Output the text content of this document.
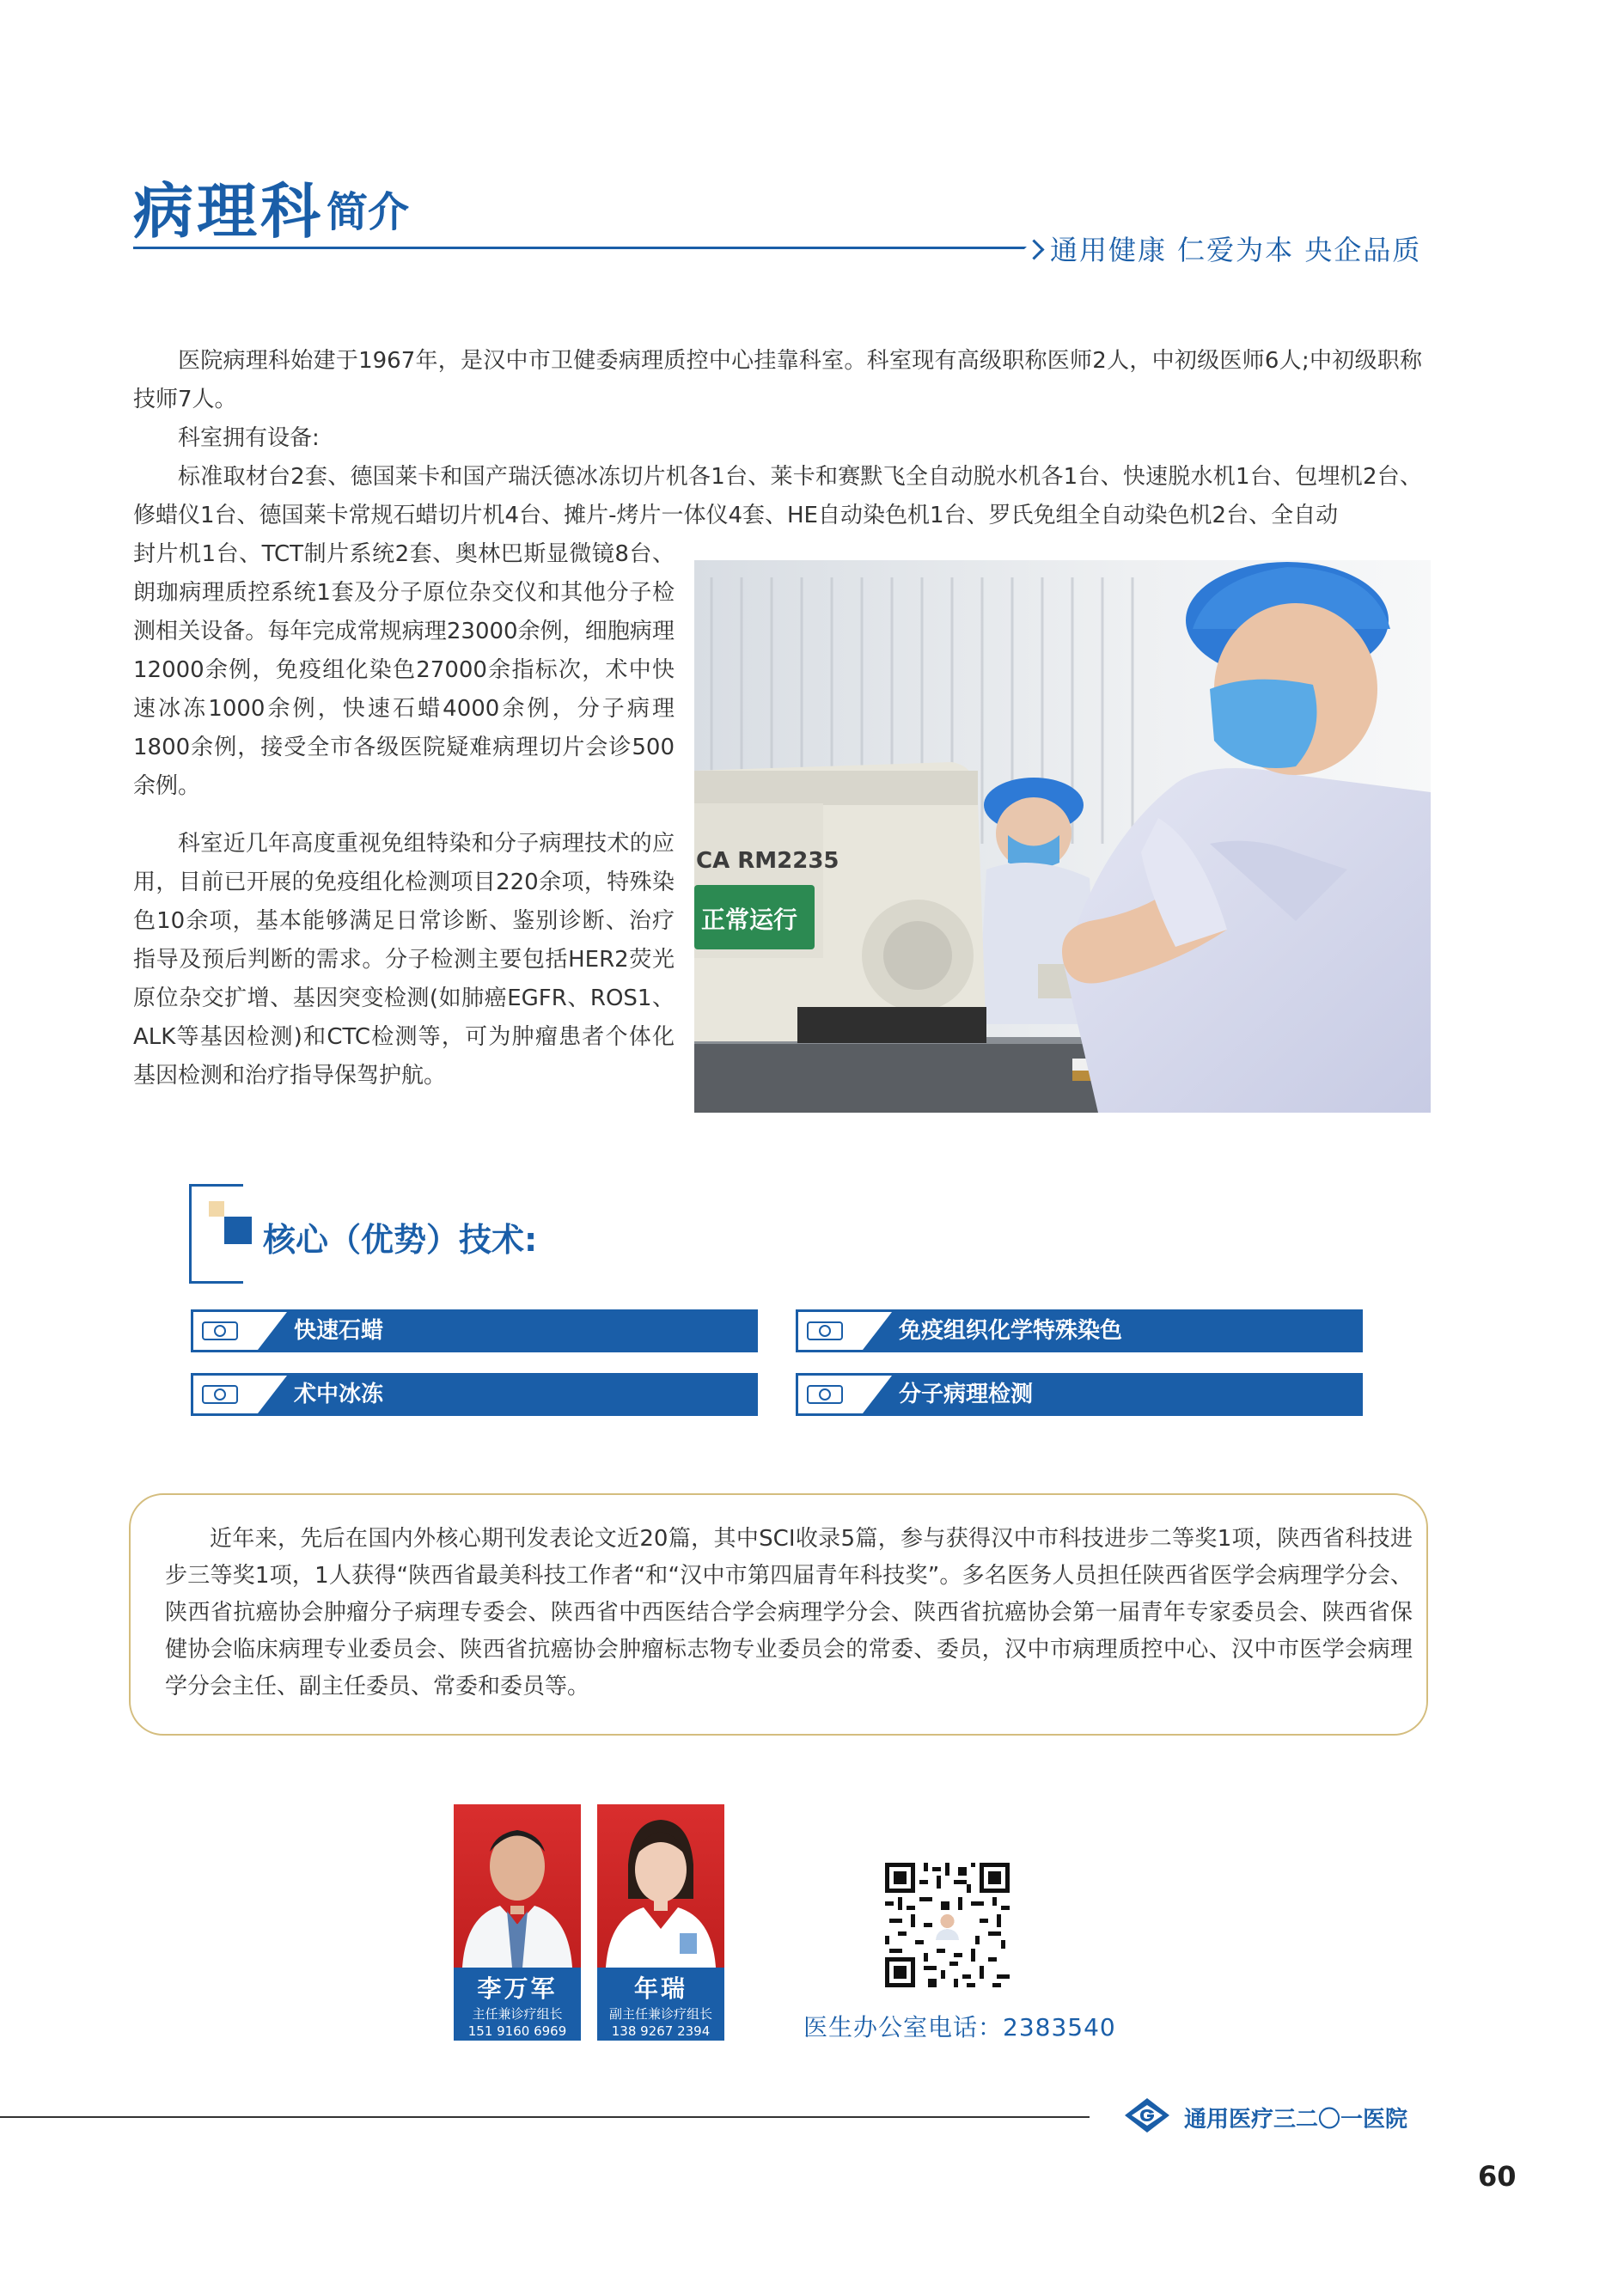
病理科 简介
通用健康 仁爱为本 央企品质
医院病理科始建于1967年，是汉中市卫健委病理质控中心挂靠科室。科室现有高级职称医师2人，中初级医师6人;中初级职称技师7人。
科室拥有设备:
标准取材台2套、德国莱卡和国产瑞沃德冰冻切片机各1台、莱卡和赛默飞全自动脱水机各1台、快速脱水机1台、包埋机2台、修蜡仪1台、德国莱卡常规石蜡切片机4台、摊片-烤片一体仪4套、HE自动染色机1台、罗氏免组全自动染色机2台、全自动
封片机1台、TCT制片系统2套、奥林巴斯显微镜8台、朗珈病理质控系统1套及分子原位杂交仪和其他分子检测相关设备。每年完成常规病理23000余例，细胞病理12000余例，免疫组化染色27000余指标次，术中快速冰冻1000余例，快速石蜡4000余例，分子病理1800余例，接受全市各级医院疑难病理切片会诊500余例。
科室近几年高度重视免组特染和分子病理技术的应用，目前已开展的免疫组化检测项目220余项，特殊染色10余项，基本能够满足日常诊断、鉴别诊断、治疗指导及预后判断的需求。分子检测主要包括HER2荧光原位杂交扩增、基因突变检测(如肺癌EGFR、ROS1、ALK等基因检测)和CTC检测等，可为肿瘤患者个体化基因检测和治疗指导保驾护航。
CA RM2235
正常运行
核心（优势）技术:
快速石蜡	免疫组织化学特殊染色
术中冰冻	分子病理检测
近年来，先后在国内外核心期刊发表论文近20篇，其中SCI收录5篇，参与获得汉中市科技进步二等奖1项，陕西省科技进步三等奖1项，1人获得“陕西省最美科技工作者“和“汉中市第四届青年科技奖”。多名医务人员担任陕西省医学会病理学分会、陕西省抗癌协会肿瘤分子病理专委会、陕西省中西医结合学会病理学分会、陕西省抗癌协会第一届青年专家委员会、陕西省保健协会临床病理专业委员会、陕西省抗癌协会肿瘤标志物专业委员会的常委、委员，汉中市病理质控中心、汉中市医学会病理学分会主任、副主任委员、常委和委员等。
李万军
主任兼诊疗组长
151 9160 6969
年瑞
副主任兼诊疗组长
138 9267 2394	医生办公室电话：2383540
通用医疗三二〇一医院
60
